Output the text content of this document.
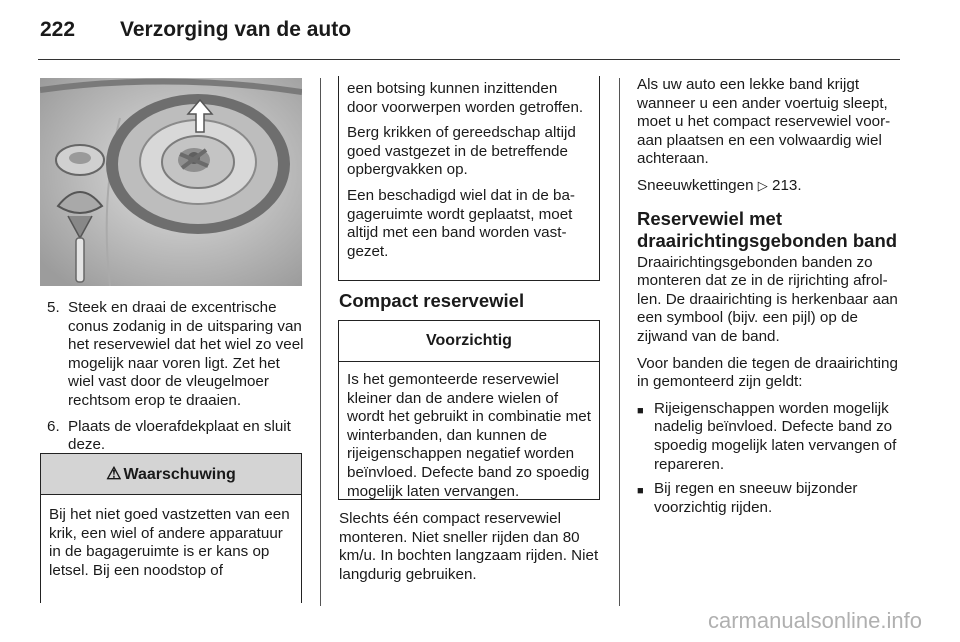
222 Verzorging van de auto
5. Steek en draai de excentrische conus zodanig in de uitsparing van het reservewiel dat het wiel zo veel mogelijk naar voren ligt. Zet het wiel vast door de vleugelmoer rechtsom erop te draaien.
6. Plaats de vloerafdekplaat en sluit deze.
⚠ Waarschuwing
Bij het niet goed vastzetten van een krik, een wiel of andere apparatuur in de bagageruimte is er kans op letsel. Bij een noodstop of

een botsing kunnen inzittenden door voorwerpen worden getroffen.

Berg krikken of gereedschap altijd goed vastgezet in de betreffende opbergvakken op.

Een beschadigd wiel dat in de bagageruimte wordt geplaatst, moet altijd met een band worden vastgezet.

Compact reservewiel
Voorzichtig
Is het gemonteerde reservewiel kleiner dan de andere wielen of wordt het gebruikt in combinatie met winterbanden, dan kunnen de rijeigenschappen negatief worden beïnvloed. Defecte band zo spoedig mogelijk laten vervangen.

Slechts één compact reservewiel monteren. Niet sneller rijden dan 80 km/u. In bochten langzaam rijden. Niet langdurig gebruiken.

Als uw auto een lekke band krijgt wanneer u een ander voertuig sleept, moet u het compact reservewiel vooraan plaatsen en een volwaardig wiel achteraan.

Sneeuwkettingen ▷ 213.

Reservewiel met draairichtingsgebonden band

Draairichtingsgebonden banden zo monteren dat ze in de rijrichting afrollen. De draairichting is herkenbaar aan een symbool (bijv. een pijl) op de zijwand van de band.

Voor banden die tegen de draairichting in gemonteerd zijn geldt:

■ Rijeigenschappen worden mogelijk nadelig beïnvloed. Defecte band zo spoedig mogelijk laten vervangen of repareren.
■ Bij regen en sneeuw bijzonder voorzichtig rijden.
carmanualsonline.info
